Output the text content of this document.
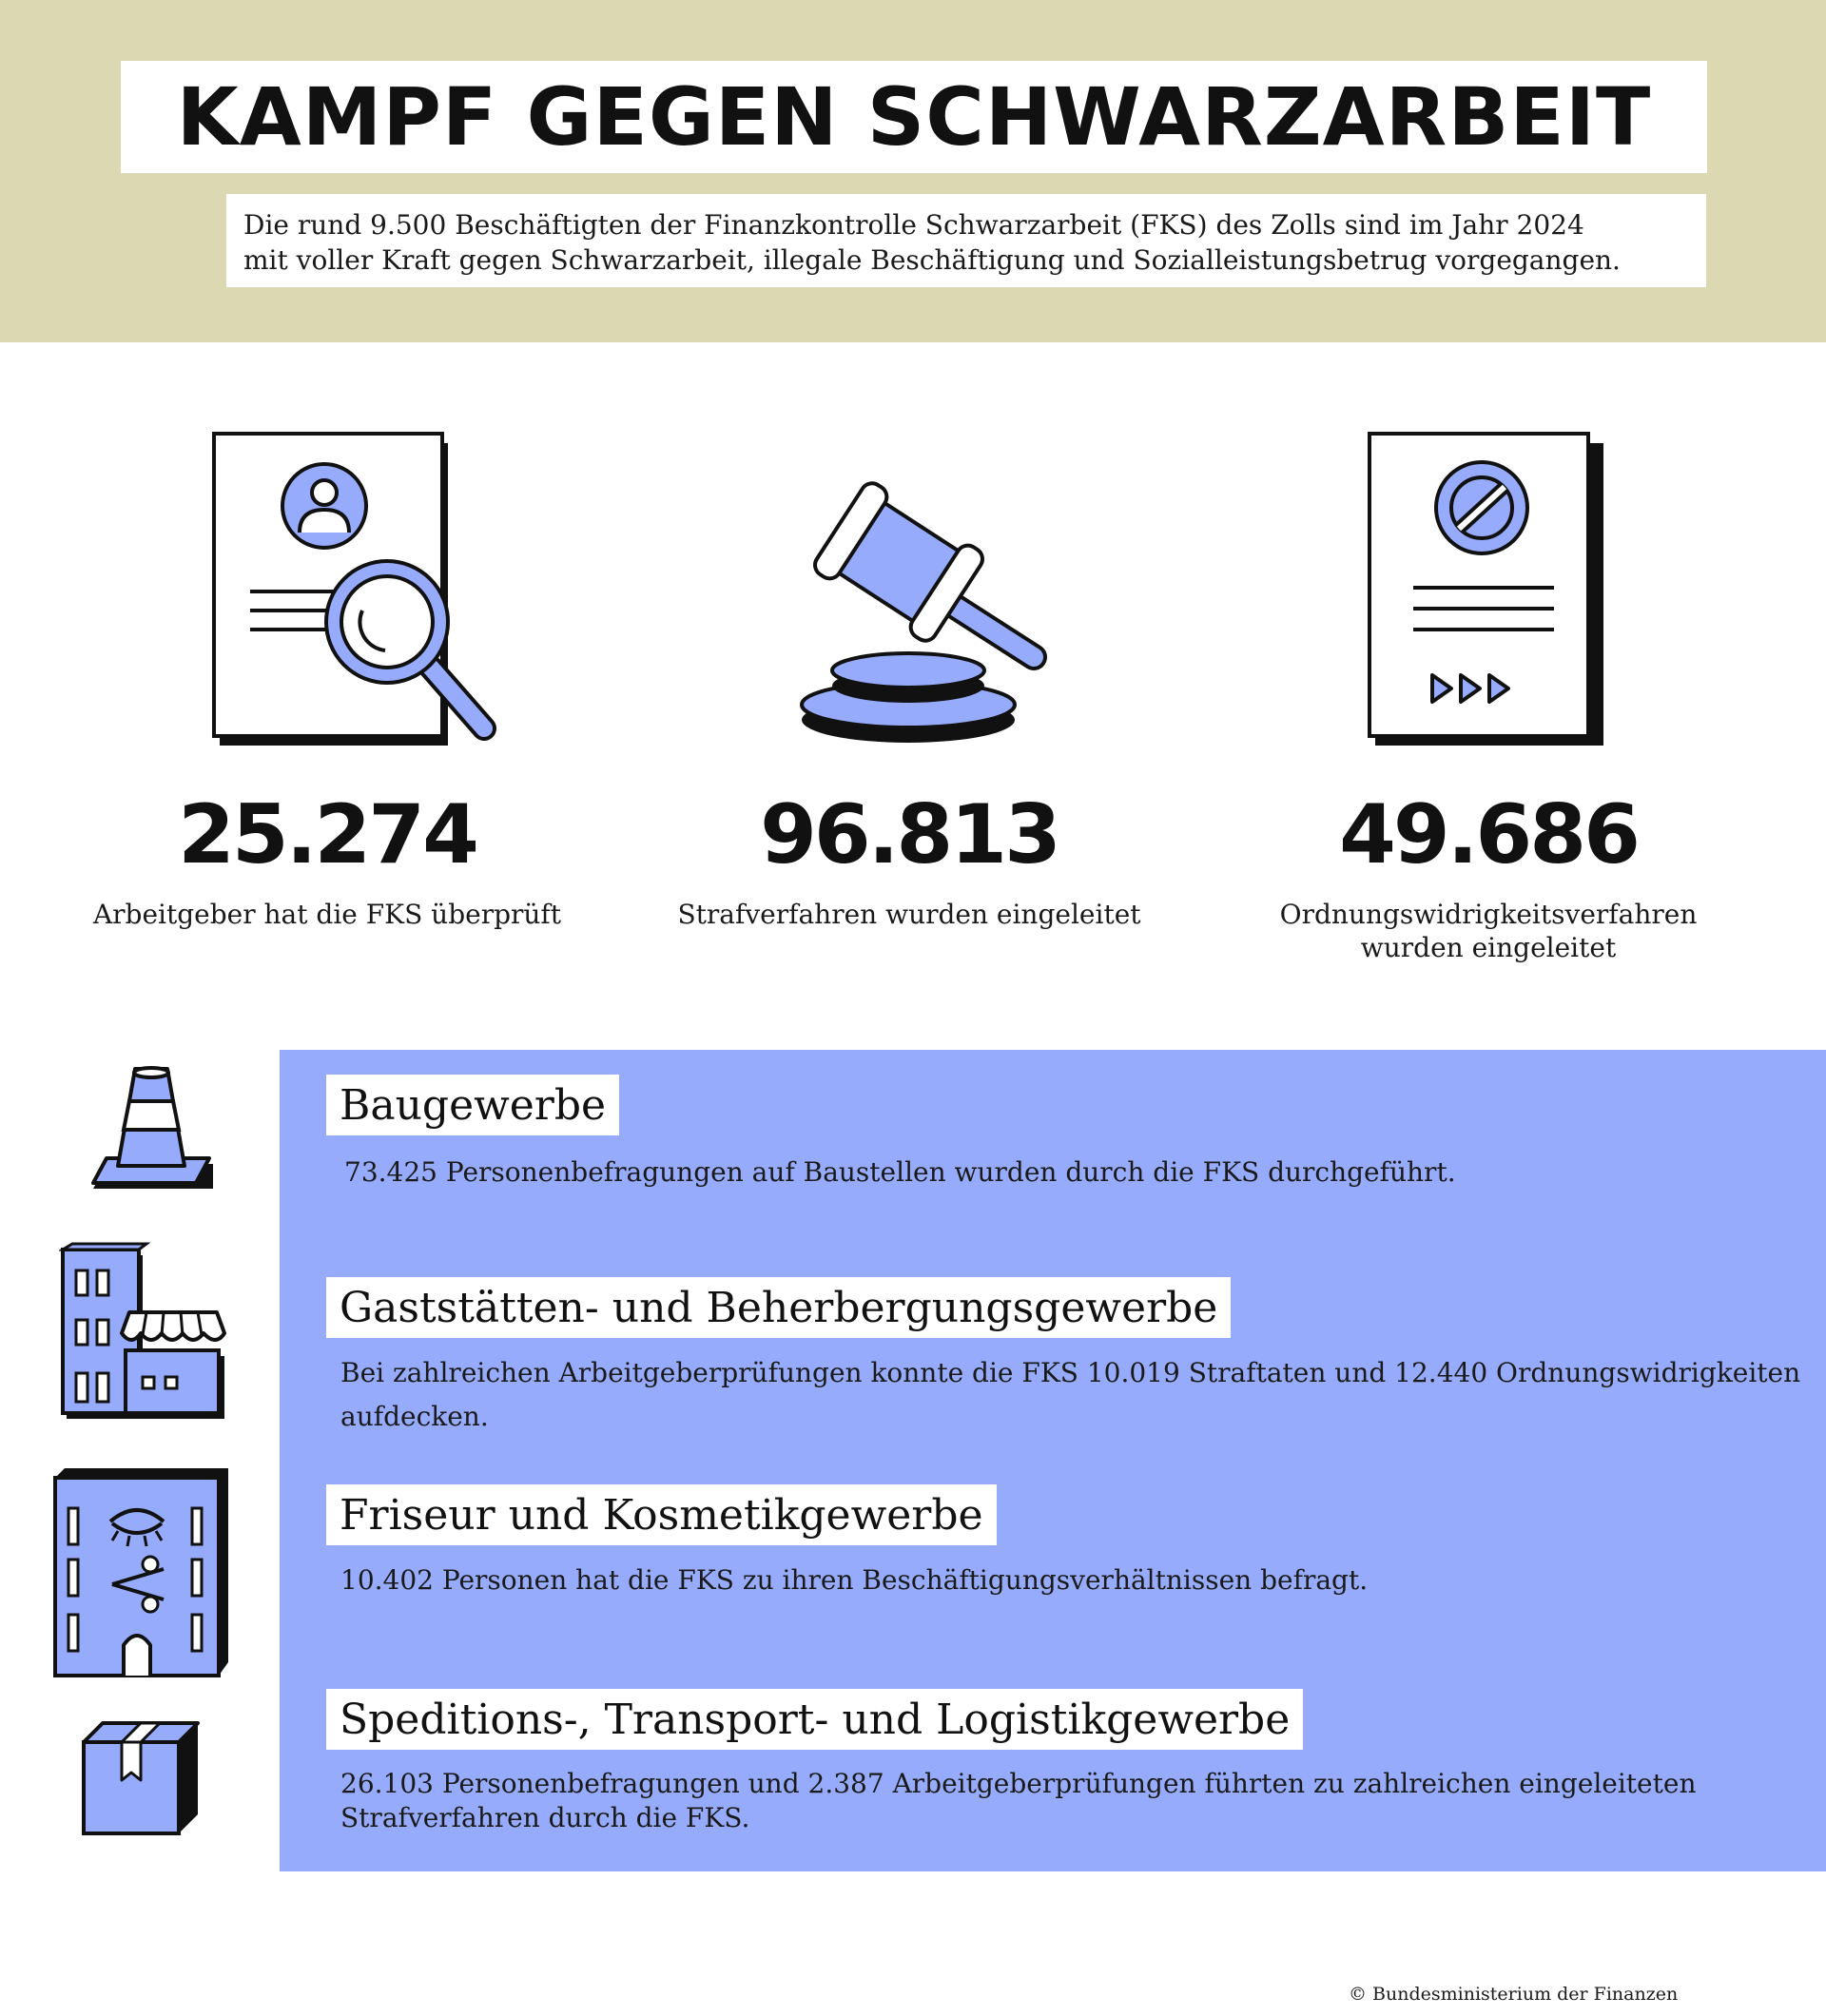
KAMPF GEGEN SCHWARZARBEIT
Die rund 9.500 Beschäftigten der Finanzkontrolle Schwarzarbeit (FKS) des Zolls sind im Jahr 2024
mit voller Kraft gegen Schwarzarbeit, illegale Beschäftigung und Sozialleistungsbetrug vorgegangen.
25.274
Arbeitgeber hat die FKS überprüft
96.813
Strafverfahren wurden eingeleitet
49.686
Ordnungswidrigkeitsverfahren
wurden eingeleitet
Baugewerbe
73.425 Personenbefragungen auf Baustellen wurden durch die FKS durchgeführt.
Gaststätten- und Beherbergungsgewerbe
Bei zahlreichen Arbeitgeberprüfungen konnte die FKS 10.019 Straftaten und 12.440 Ordnungswidrigkeiten
aufdecken.
Friseur und Kosmetikgewerbe
10.402 Personen hat die FKS zu ihren Beschäftigungsverhältnissen befragt.
Speditions-, Transport- und Logistikgewerbe
26.103 Personenbefragungen und 2.387 Arbeitgeberprüfungen führten zu zahlreichen eingeleiteten
Strafverfahren durch die FKS.
© Bundesministerium der Finanzen
